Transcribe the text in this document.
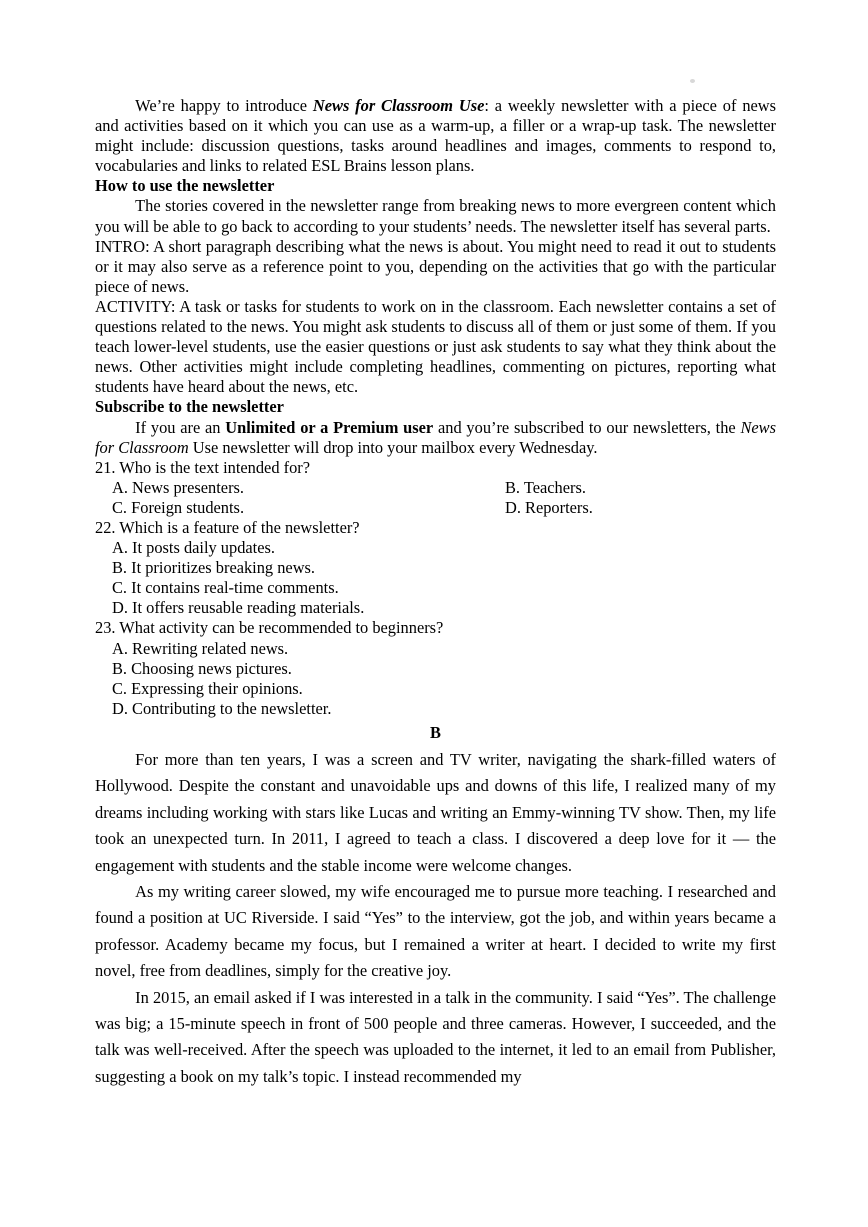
We’re happy to introduce News for Classroom Use: a weekly newsletter with a piece of news and activities based on it which you can use as a warm-up, a filler or a wrap-up task. The newsletter might include: discussion questions, tasks around headlines and images, comments to respond to, vocabularies and links to related ESL Brains lesson plans.

How to use the newsletter

The stories covered in the newsletter range from breaking news to more evergreen content which you will be able to go back to according to your students’ needs. The newsletter itself has several parts.

INTRO: A short paragraph describing what the news is about. You might need to read it out to students or it may also serve as a reference point to you, depending on the activities that go with the particular piece of news.

ACTIVITY: A task or tasks for students to work on in the classroom. Each newsletter contains a set of questions related to the news. You might ask students to discuss all of them or just some of them. If you teach lower-level students, use the easier questions or just ask students to say what they think about the news. Other activities might include completing headlines, commenting on pictures, reporting what students have heard about the news, etc.

Subscribe to the newsletter

If you are an Unlimited or a Premium user and you’re subscribed to our newsletters, the News for Classroom Use newsletter will drop into your mailbox every Wednesday.

21. Who is the text intended for?

A. News presenters.	B. Teachers.
C. Foreign students.	D. Reporters.

22. Which is a feature of the newsletter?

A. It posts daily updates.

B. It prioritizes breaking news.

C. It contains real-time comments.

D. It offers reusable reading materials.

23. What activity can be recommended to beginners?

A. Rewriting related news.

B. Choosing news pictures.

C. Expressing their opinions.

D. Contributing to the newsletter.

B

For more than ten years, I was a screen and TV writer, navigating the shark-filled waters of Hollywood. Despite the constant and unavoidable ups and downs of this life, I realized many of my dreams including working with stars like Lucas and writing an Emmy-winning TV show. Then, my life took an unexpected turn. In 2011, I agreed to teach a class. I discovered a deep love for it — the engagement with students and the stable income were welcome changes.

As my writing career slowed, my wife encouraged me to pursue more teaching. I researched and found a position at UC Riverside. I said “Yes” to the interview, got the job, and within years became a professor. Academy became my focus, but I remained a writer at heart. I decided to write my first novel, free from deadlines, simply for the creative joy.

In 2015, an email asked if I was interested in a talk in the community. I said “Yes”. The challenge was big; a 15-minute speech in front of 500 people and three cameras. However, I succeeded, and the talk was well-received. After the speech was uploaded to the internet, it led to an email from Publisher, suggesting a book on my talk’s topic. I instead recommended my
